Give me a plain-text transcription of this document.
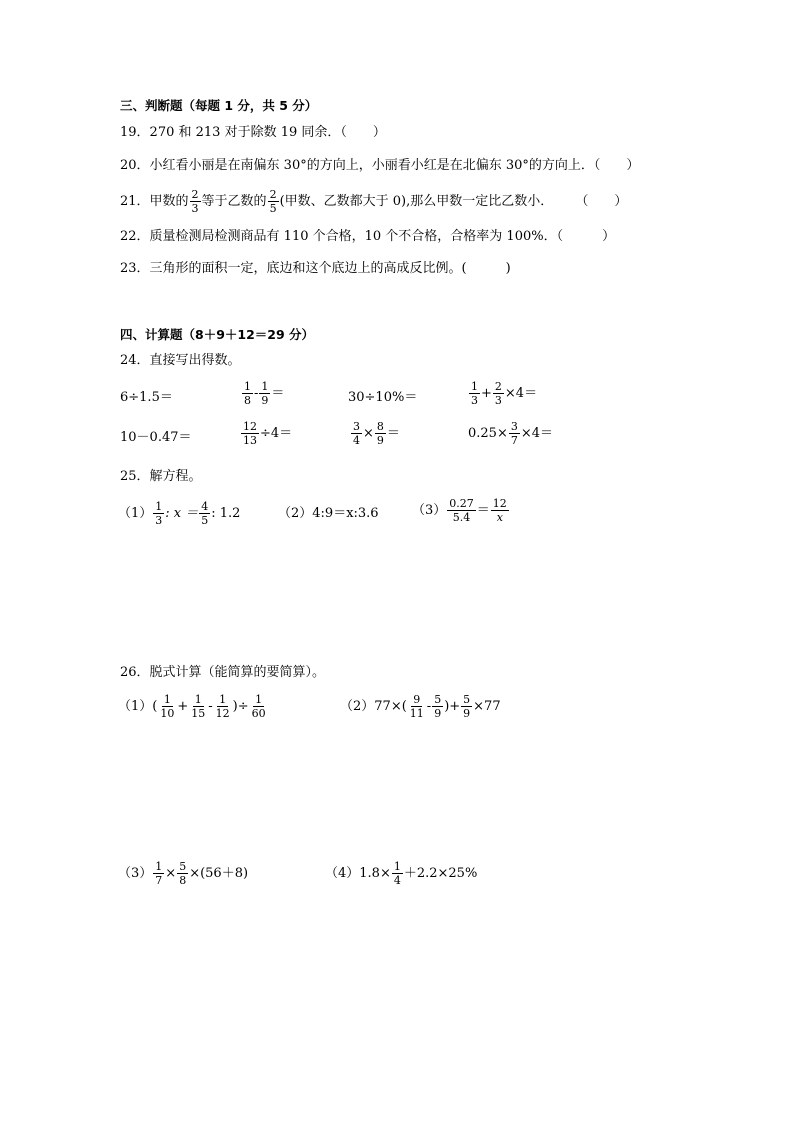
三、判断题（每题 1 分，共 5 分）
19．270 和 213 对于除数 19 同余．（　　）
20．小红看小丽是在南偏东 30°的方向上，小丽看小红是在北偏东 30°的方向上．（　　）
21．甲数的 $\frac{2}{3}$ 等于乙数的 $\frac{2}{5}$ (甲数、乙数都大于 0),那么甲数一定比乙数小． （　　）
22．质量检测局检测商品有 110 个合格，10 个不合格，合格率为 100%．（　　　）
23．三角形的面积一定，底边和这个底边上的高成反比例。(　　　)
四、计算题（8＋9＋12＝29 分）
24．直接写出得数。
6÷1.5＝	$\frac{1}{8} - \frac{1}{9}$ ＝	30÷10%＝	$\frac{1}{3} + \frac{2}{3} \times 4=$
10－0.47＝	$\frac{12}{13} \div 4=$	$\frac{3}{4} \times \frac{8}{9}$ ＝	$0.25\times \frac{3}{7} \times 4=$
25．解方程。
$(1) \frac{1}{3}$ : $x = \frac{4}{5}$ : 1.2	（2）4:9＝x:3.6	$(3) \frac{0.27}{5.4} = \frac{12}{x}$
26．脱式计算（能简算的要简算）。
$(1)( \frac{1}{10} + \frac{1}{15} - \frac{1}{12}$ )÷ $\frac{1}{60}$	$(2)77\times( \frac{9}{11} - \frac{5}{9}$ )+ $\frac{5}{9} \times 77$
$(3) \frac{1}{7} \times \frac{5}{8} \times(56+8)$	$(4)1.8\times \frac{1}{4} +2.2\times 25\%$
